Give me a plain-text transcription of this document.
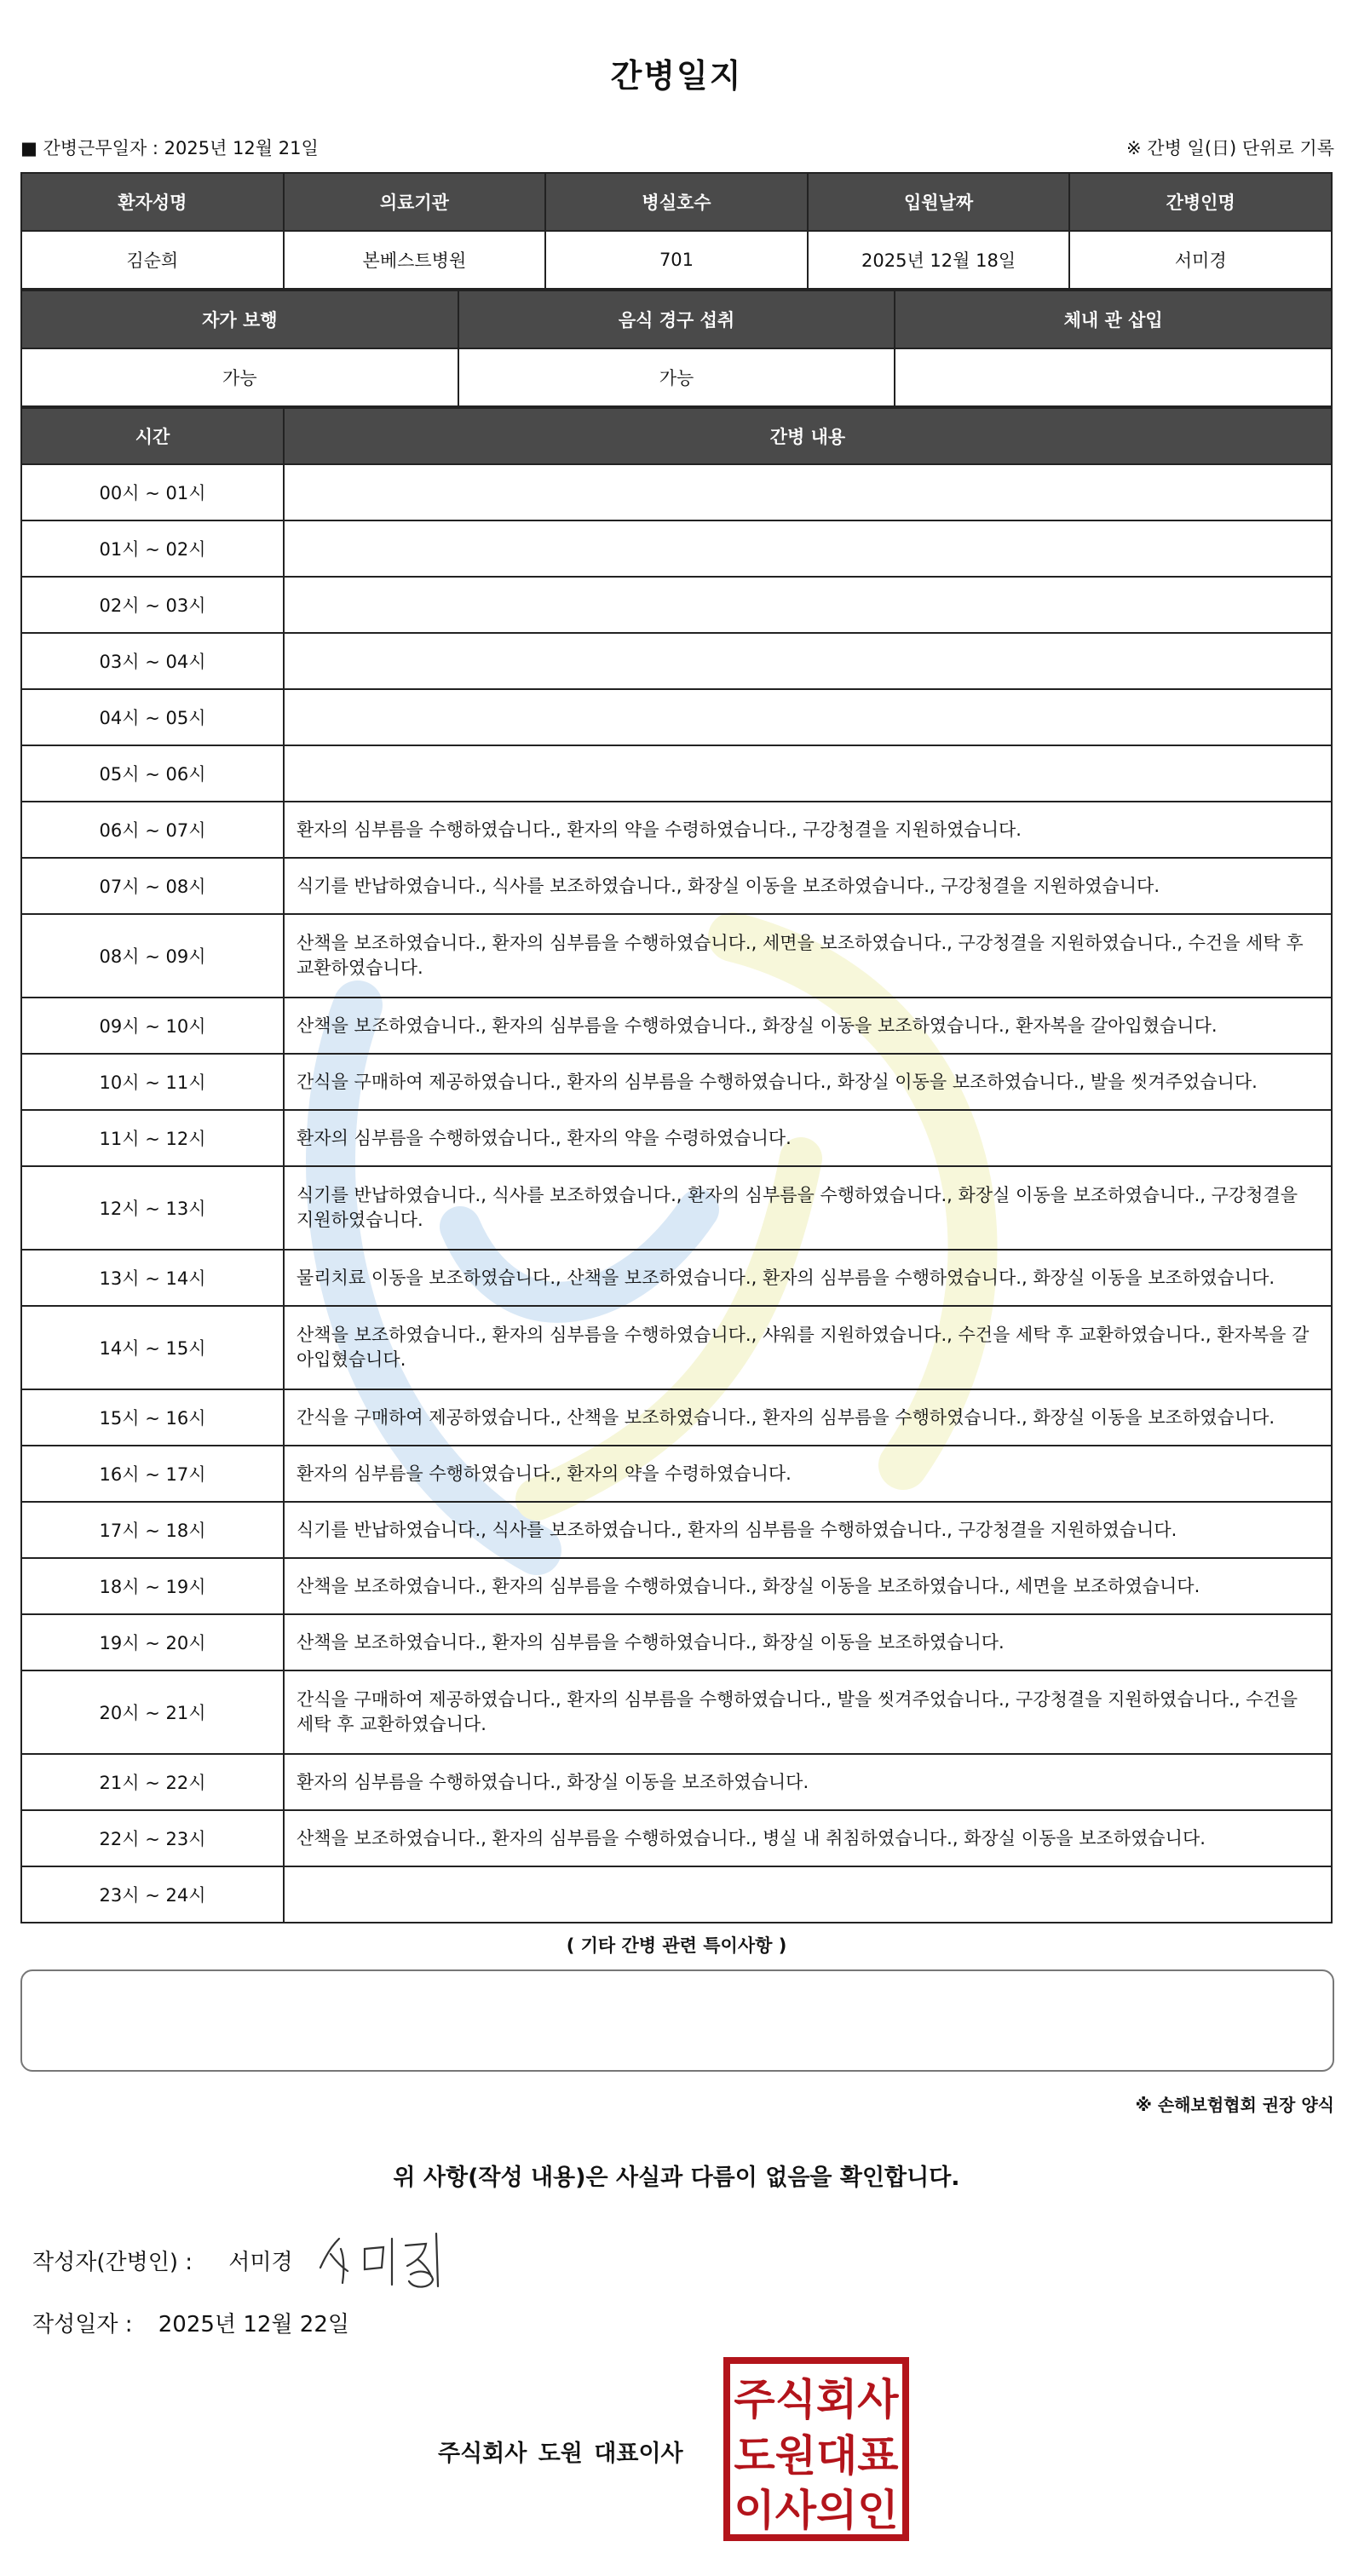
간병일지
■ 간병근무일자 : 2025년 12월 21일	※ 간병 일(日) 단위로 기록
환자성명	의료기관	병실호수	입원날짜	간병인명
김순희	본베스트병원	701	2025년 12월 18일	서미경
자가 보행	음식 경구 섭취	체내 관 삽입
가능	가능	
시간	간병 내용
00시 ~ 01시	
01시 ~ 02시	
02시 ~ 03시	
03시 ~ 04시	
04시 ~ 05시	
05시 ~ 06시	
06시 ~ 07시	환자의 심부름을 수행하였습니다., 환자의 약을 수령하였습니다., 구강청결을 지원하였습니다.
07시 ~ 08시	식기를 반납하였습니다., 식사를 보조하였습니다., 화장실 이동을 보조하였습니다., 구강청결을 지원하였습니다.
08시 ~ 09시	산책을 보조하였습니다., 환자의 심부름을 수행하였습니다., 세면을 보조하였습니다., 구강청결을 지원하였습니다., 수건을 세탁 후 교환하였습니다.
09시 ~ 10시	산책을 보조하였습니다., 환자의 심부름을 수행하였습니다., 화장실 이동을 보조하였습니다., 환자복을 갈아입혔습니다.
10시 ~ 11시	간식을 구매하여 제공하였습니다., 환자의 심부름을 수행하였습니다., 화장실 이동을 보조하였습니다., 발을 씻겨주었습니다.
11시 ~ 12시	환자의 심부름을 수행하였습니다., 환자의 약을 수령하였습니다.
12시 ~ 13시	식기를 반납하였습니다., 식사를 보조하였습니다., 환자의 심부름을 수행하였습니다., 화장실 이동을 보조하였습니다., 구강청결을 지원하였습니다.
13시 ~ 14시	물리치료 이동을 보조하였습니다., 산책을 보조하였습니다., 환자의 심부름을 수행하였습니다., 화장실 이동을 보조하였습니다.
14시 ~ 15시	산책을 보조하였습니다., 환자의 심부름을 수행하였습니다., 샤워를 지원하였습니다., 수건을 세탁 후 교환하였습니다., 환자복을 갈아입혔습니다.
15시 ~ 16시	간식을 구매하여 제공하였습니다., 산책을 보조하였습니다., 환자의 심부름을 수행하였습니다., 화장실 이동을 보조하였습니다.
16시 ~ 17시	환자의 심부름을 수행하였습니다., 환자의 약을 수령하였습니다.
17시 ~ 18시	식기를 반납하였습니다., 식사를 보조하였습니다., 환자의 심부름을 수행하였습니다., 구강청결을 지원하였습니다.
18시 ~ 19시	산책을 보조하였습니다., 환자의 심부름을 수행하였습니다., 화장실 이동을 보조하였습니다., 세면을 보조하였습니다.
19시 ~ 20시	산책을 보조하였습니다., 환자의 심부름을 수행하였습니다., 화장실 이동을 보조하였습니다.
20시 ~ 21시	간식을 구매하여 제공하였습니다., 환자의 심부름을 수행하였습니다., 발을 씻겨주었습니다., 구강청결을 지원하였습니다., 수건을 세탁 후 교환하였습니다.
21시 ~ 22시	환자의 심부름을 수행하였습니다., 화장실 이동을 보조하였습니다.
22시 ~ 23시	산책을 보조하였습니다., 환자의 심부름을 수행하였습니다., 병실 내 취침하였습니다., 화장실 이동을 보조하였습니다.
23시 ~ 24시	
( 기타 간병 관련 특이사항 )
※ 손해보험협회 권장 양식
위 사항(작성 내용)은 사실과 다름이 없음을 확인합니다.
작성자(간병인) : 서미경
작성일자 : 2025년 12월 22일
주식회사 도원 대표이사
주식회사
도원대표
이사의인
